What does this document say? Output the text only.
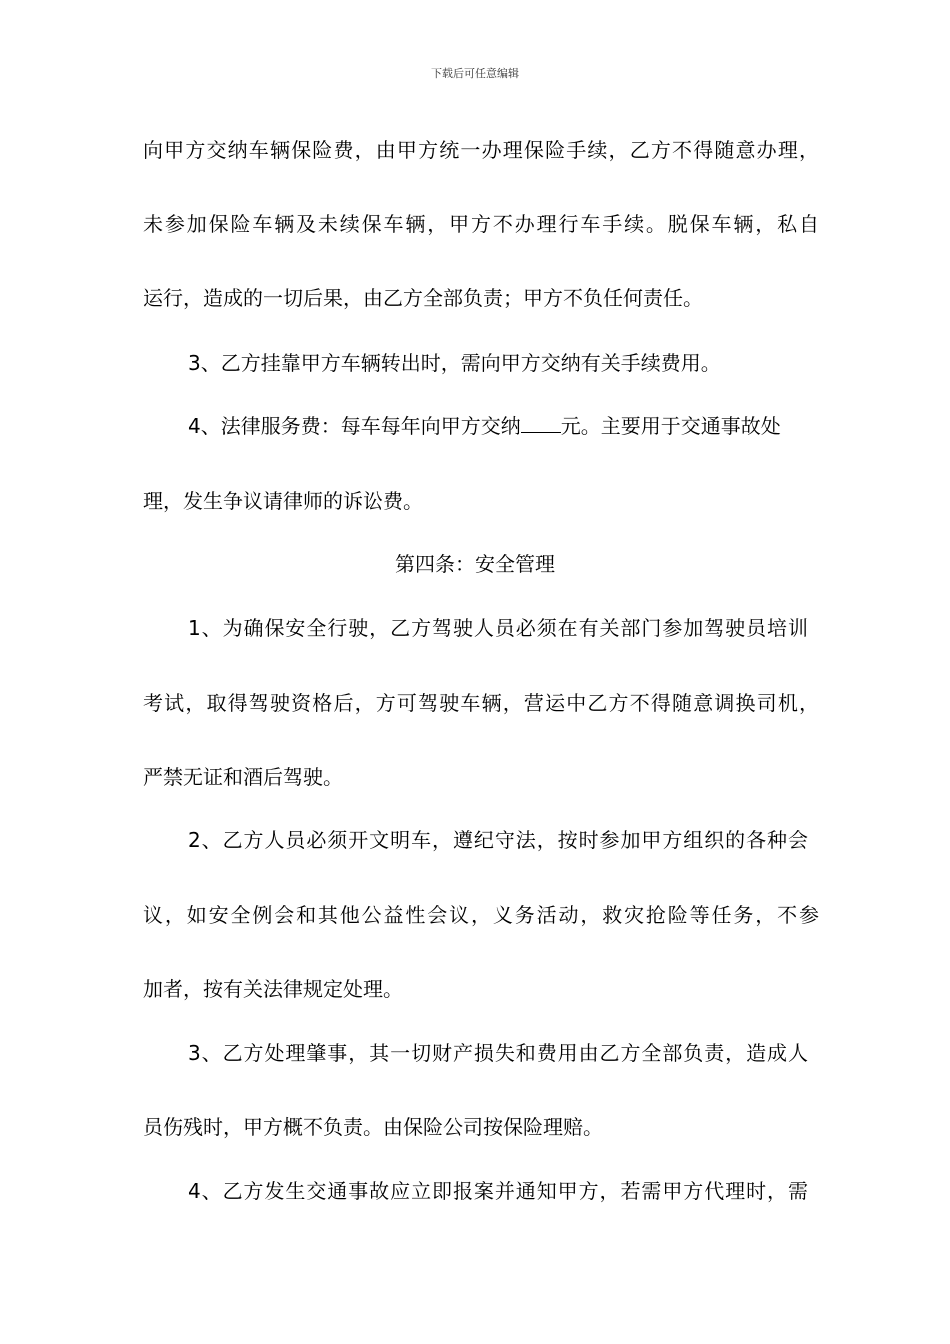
下载后可任意编辑
向甲方交纳车辆保险费，由甲方统一办理保险手续，乙方不得随意办理，
未参加保险车辆及未续保车辆，甲方不办理行车手续。脱保车辆，私自
运行，造成的一切后果，由乙方全部负责；甲方不负任何责任。
3、乙方挂靠甲方车辆转出时，需向甲方交纳有关手续费用。
4、法律服务费：每车每年向甲方交纳 元。主要用于交通事故处
理，发生争议请律师的诉讼费。
第四条：安全管理
1、为确保安全行驶，乙方驾驶人员必须在有关部门参加驾驶员培训
考试，取得驾驶资格后，方可驾驶车辆，营运中乙方不得随意调换司机，
严禁无证和酒后驾驶。
2、乙方人员必须开文明车，遵纪守法，按时参加甲方组织的各种会
议，如安全例会和其他公益性会议，义务活动，救灾抢险等任务，不参
加者，按有关法律规定处理。
3、乙方处理肇事，其一切财产损失和费用由乙方全部负责，造成人
员伤残时，甲方概不负责。由保险公司按保险理赔。
4、乙方发生交通事故应立即报案并通知甲方，若需甲方代理时，需
